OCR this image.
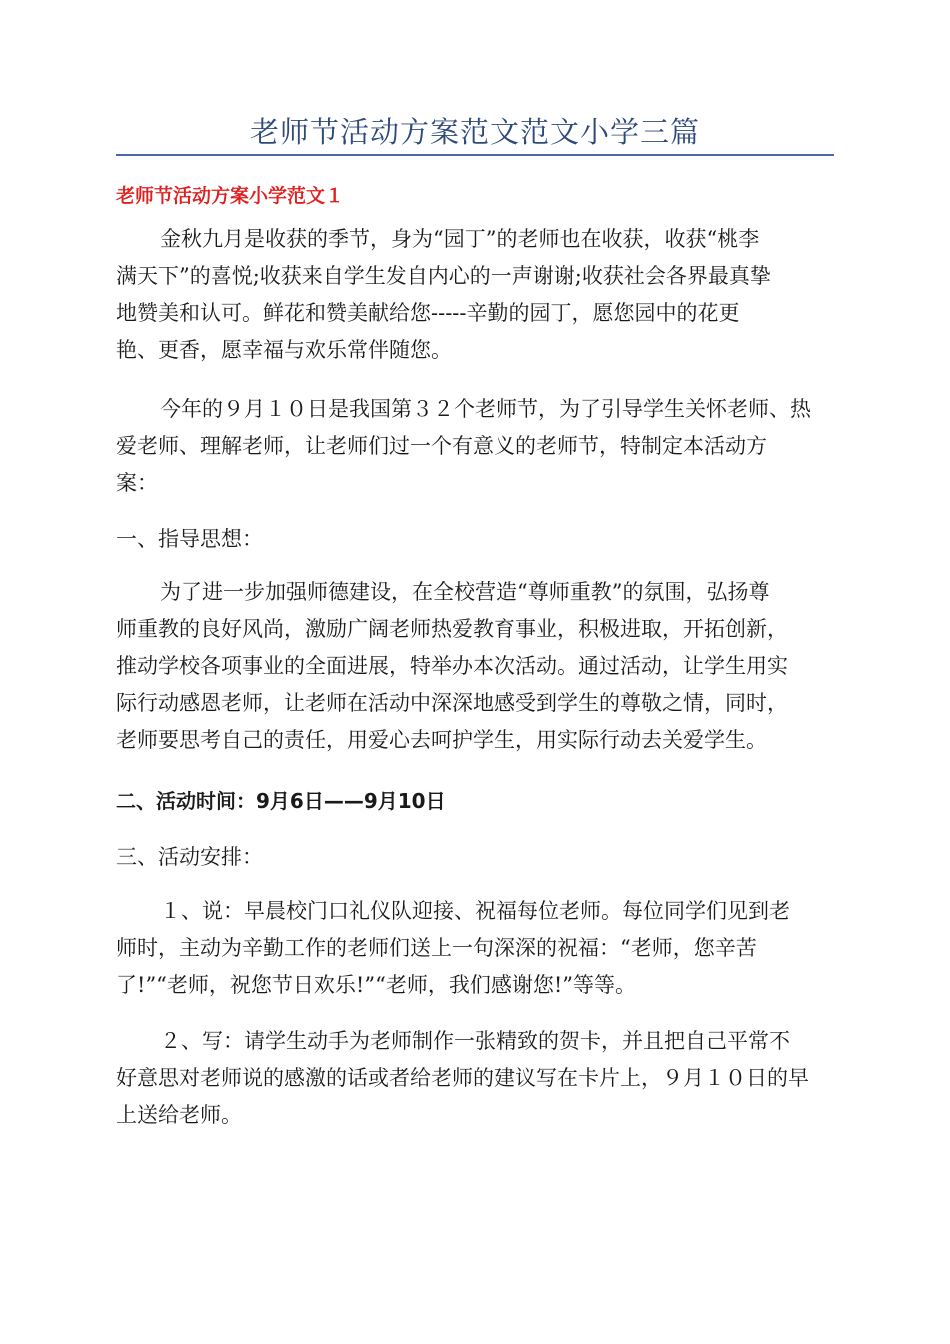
老师节活动方案范文范文小学三篇
老师节活动方案小学范文１
金秋九月是收获的季节，身为“园丁”的老师也在收获，收获“桃李
满天下”的喜悦;收获来自学生发自内心的一声谢谢;收获社会各界最真挚
地赞美和认可。鲜花和赞美献给您-----辛勤的园丁，愿您园中的花更
艳、更香，愿幸福与欢乐常伴随您。
今年的９月１０日是我国第３２个老师节，为了引导学生关怀老师、热
爱老师、理解老师，让老师们过一个有意义的老师节，特制定本活动方
案：
一、指导思想：
为了进一步加强师德建设，在全校营造“尊师重教”的氛围，弘扬尊
师重教的良好风尚，激励广阔老师热爱教育事业，积极进取，开拓创新，
推动学校各项事业的全面进展，特举办本次活动。通过活动，让学生用实
际行动感恩老师，让老师在活动中深深地感受到学生的尊敬之情，同时，
老师要思考自己的责任，用爱心去呵护学生，用实际行动去关爱学生。
二、活动时间：9月6日——9月10日
三、活动安排：
１、说：早晨校门口礼仪队迎接、祝福每位老师。每位同学们见到老
师时，主动为辛勤工作的老师们送上一句深深的祝福：“老师，您辛苦
了!”“老师，祝您节日欢乐!”“老师，我们感谢您!”等等。
２、写：请学生动手为老师制作一张精致的贺卡，并且把自己平常不
好意思对老师说的感激的话或者给老师的建议写在卡片上，９月１０日的早
上送给老师。
